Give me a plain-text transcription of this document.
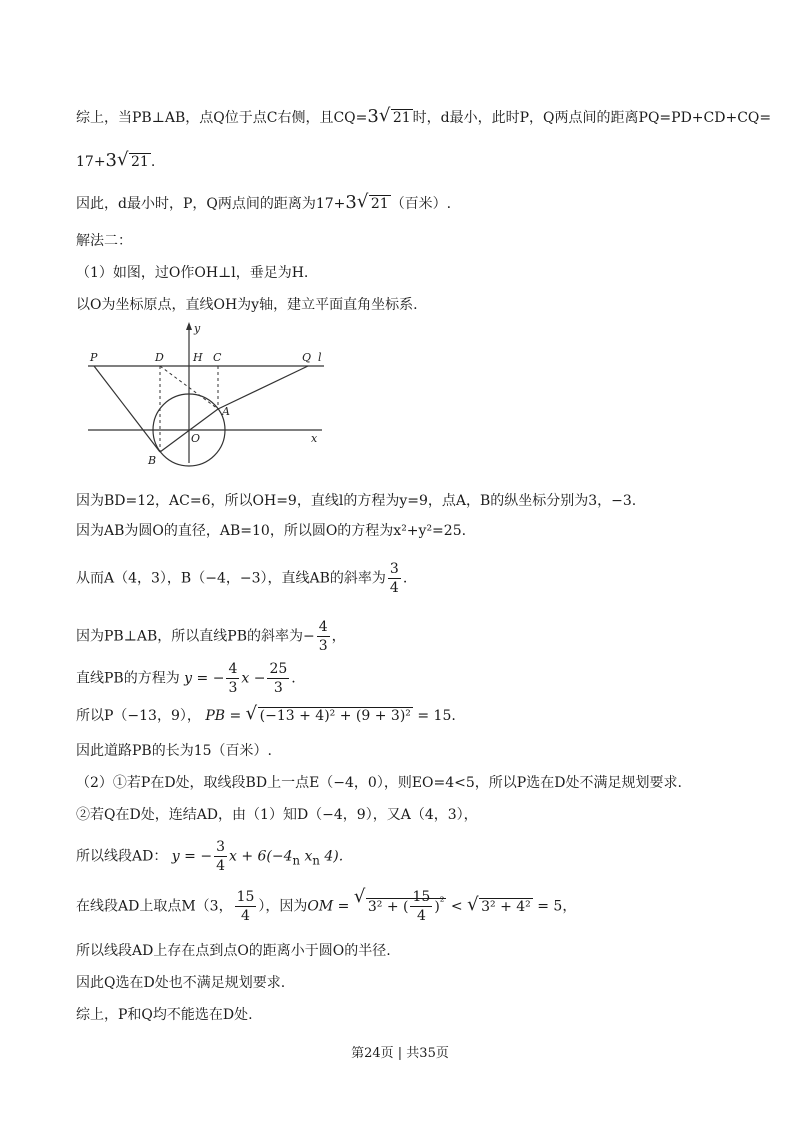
综上，当PB⊥AB，点Q位于点C右侧，且CQ=3 √ 21 时，d最小，此时P，Q两点间的距离PQ=PD+CD+CQ=
17+3 √ 21 .
因此，d最小时，P，Q两点间的距离为17+3 √ 21 （百米）.
解法二：
（1）如图，过O作OH⊥l，垂足为H.
以O为坐标原点，直线OH为y轴，建立平面直角坐标系.
P	D	H C	Q l
A
B
O	x
y
因为BD=12，AC=6，所以OH=9，直线l的方程为y=9，点A，B的纵坐标分别为3，−3.
因为AB为圆O的直径，AB=10，所以圆O的方程为x²+y²=25.
从而A（4，3），B（−4，−3），直线AB的斜率为 $\frac{3}{4}$ .
因为PB⊥AB，所以直线PB的斜率为− $\frac{4}{3}$ ，
直线PB的方程为 y = − $\frac{4}{3}$ $x - \frac{25}{3}$ .
所以P（−13，9）， PB = √ (−13 + 4)² + (9 + 3)² = 15.
因此道路PB的长为15（百米）.
（2）①若P在D处，取线段BD上一点E（−4，0），则EO=4<5，所以P选在D处不满足规划要求.
②若Q在D处，连结AD，由（1）知D（−4，9），又A（4，3），
所以线段AD： y = − $\frac{3}{4}$ $x + 6(-4_n$ $x_n$ 4).
在线段AD上取点M（3， $\frac{15}{4}$ ），因为OM = √ 3² + ( $\frac{15}{4} )^{^2}$ < √ 3² + 4² = 5，
所以线段AD上存在点到点O的距离小于圆O的半径.
因此Q选在D处也不满足规划要求.
综上，P和Q均不能选在D处.
第24页 | 共35页
